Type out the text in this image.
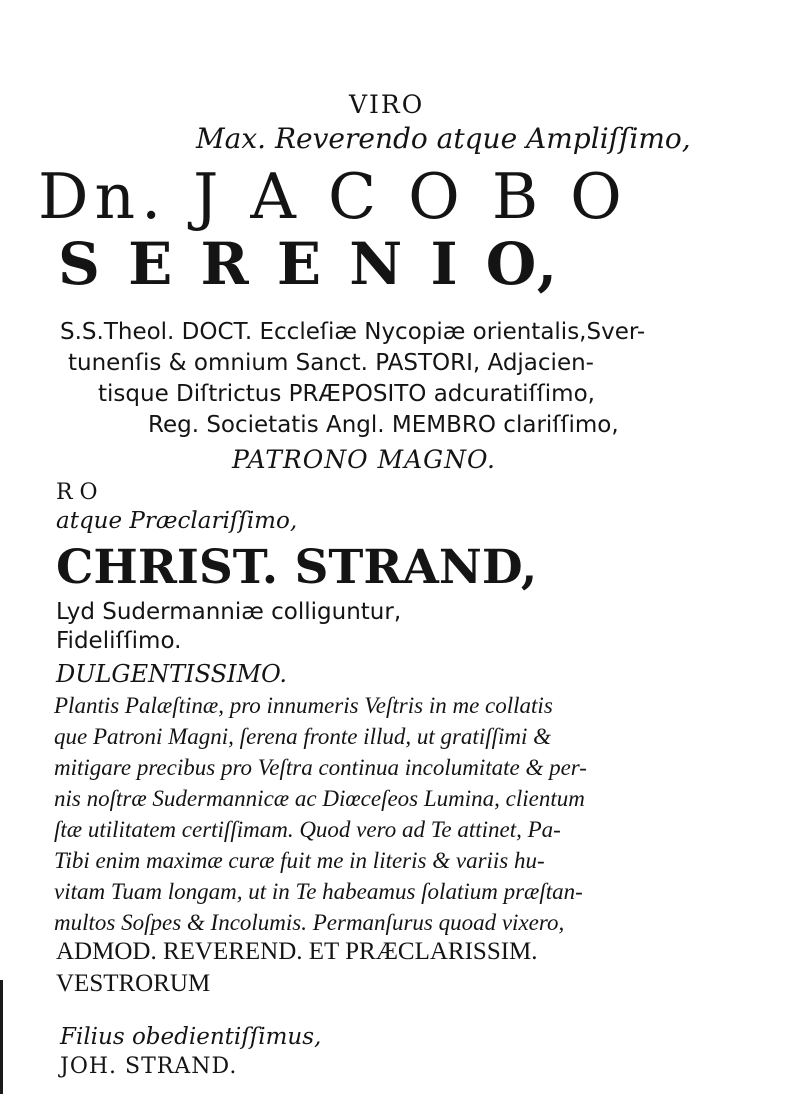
VIRO
Max. Reverendo atque Ampliſſimo,
Dn. J A C O B O
S E R E N I O,
S.S.Theol. DOCT. Eccleſiæ Nycopiæ orientalis,Sver-
tunenſis & omnium Sanct. PASTORI, Adjacien-
tisque Diſtrictus PRÆPOSITO adcuratiſſimo,
Reg. Societatis Angl. MEMBRO clariſſimo,
PATRONO MAGNO.
R O
atque Præclariſſimo,
CHRIST. STRAND,
Lyd Sudermanniæ colliguntur,
Fideliſſimo.
DULGENTISSIMO.
Plantis Palæſtinæ, pro innumeris Veſtris in me collatis
que Patroni Magni, ſerena fronte illud, ut gratiſſimi &
mitigare precibus pro Veſtra continua incolumitate & per-
nis noſtræ Sudermannicæ ac Diœceſeos Lumina, clientum
ſtæ utilitatem certiſſimam. Quod vero ad Te attinet, Pa-
Tibi enim maximæ curæ fuit me in literis & variis hu-
vitam Tuam longam, ut in Te habeamus ſolatium præſtan-
multos Soſpes & Incolumis. Permanſurus quoad vixero,
ADMOD. REVEREND. ET PRÆCLARISSIM.
VESTRORUM
Filius obedientiſſimus,
JOH. STRAND.
